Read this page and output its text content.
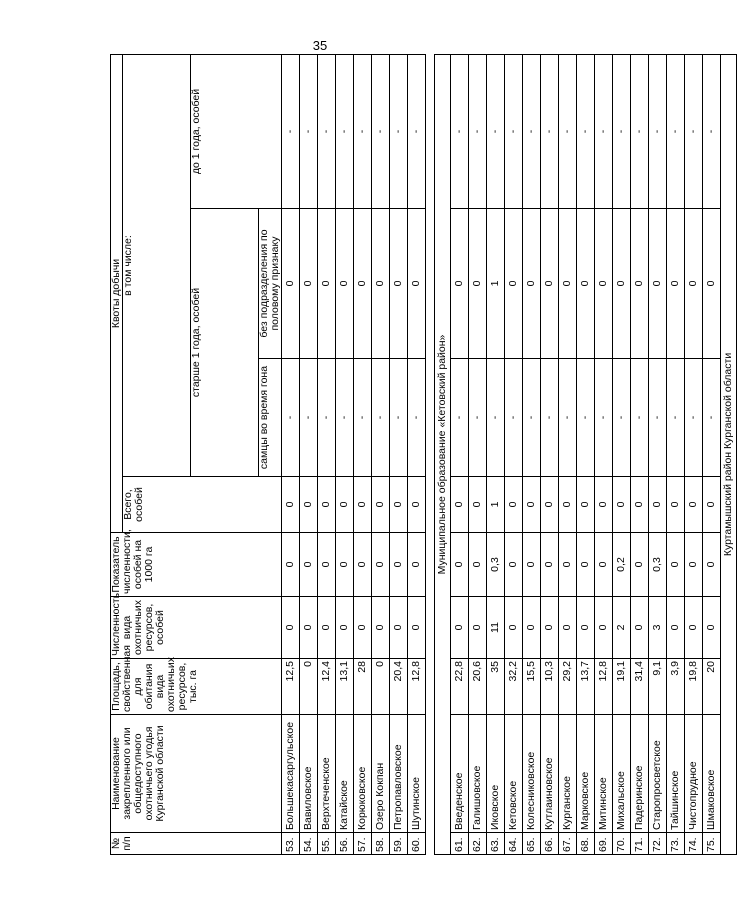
35
№ п/п	Наименование закрепленного или общедоступного охотничьего угодья Курганской области	Площадь, свойственная для обитания вида охотничьих ресурсов, тыс. га	Численность вида охотничьих ресурсов, особей	Показатель численности, особей на 1000 га	Квоты добычи			
					Всего, особей	в том числе:		
						старше 1 года, особей		до 1 года, особей
						самцы во время гона	без подразделения по половому признаку	
53.	Большекасаргульское	12,5	0	0	0	-	0	-
54.	Вавиловское	0	0	0	0	-	0	-
55.	Верхтеченское	12,4	0	0	0	-	0	-
56.	Катайское	13,1	0	0	0	-	0	-
57.	Корюковское	28	0	0	0	-	0	-
58.	Озеро Кокпан	0	0	0	0	-	0	-
59.	Петропавловское	20,4	0	0	0	-	0	-
60.	Шутинское	12,8	0	0	0	-	0	-

Муниципальное образование «Кетовский район»								
61.	Введенское	22,8	0	0	0	-	0	-
62.	Галишовское	20,6	0	0	0	-	0	-
63.	Иковское	35	11	0,3	1	-	1	-
64.	Кетовское	32,2	0	0	0	-	0	-
65.	Колесниковское	15,5	0	0	0	-	0	-
66.	Кутлаиновское	10,3	0	0	0	-	0	-
67.	Курганское	29,2	0	0	0	-	0	-
68.	Марковское	13,7	0	0	0	-	0	-
69.	Митинское	12,8	0	0	0	-	0	-
70.	Михальское	19,1	2	0,2	0	-	0	-
71.	Падеринское	31,4	0	0	0	-	0	-
72.	Старопросветское	9,1	3	0,3	0	-	0	-
73.	Тайшинское	3,9	0	0	0	-	0	-
74.	Чистопрудное	19,8	0	0	0	-	0	-
75.	Шмаковское	20	0	0	0	-	0	-
Куртамышский район Курганской области								
